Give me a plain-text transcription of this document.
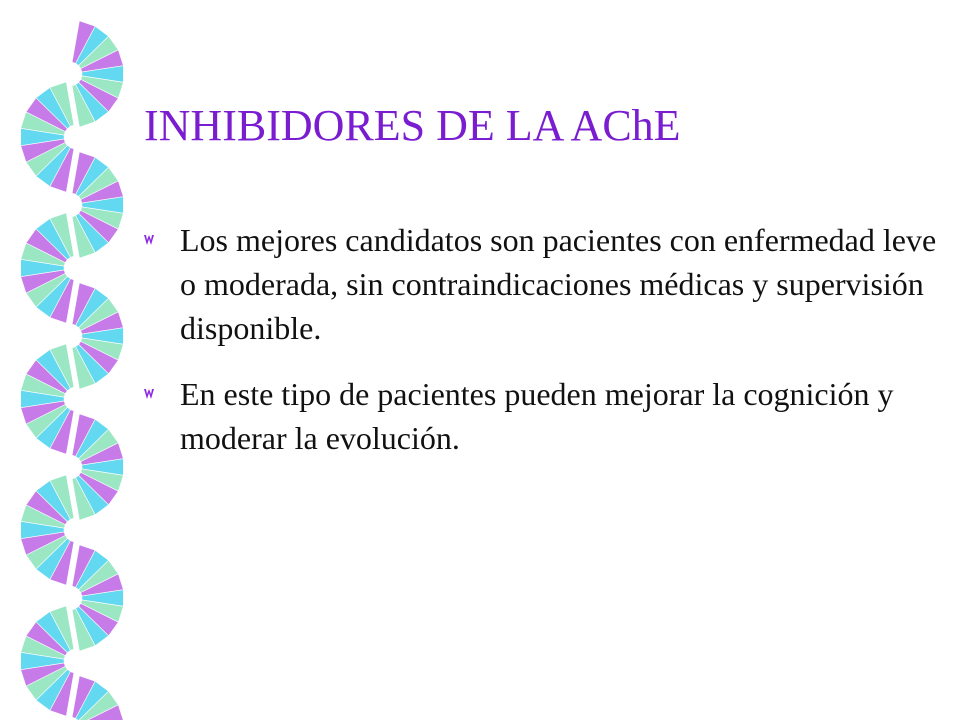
INHIBIDORES DE LA AChE
Los mejores candidatos son pacientes con enfermedad leve o moderada, sin contraindicaciones médicas y supervisión disponible.
En este tipo de pacientes pueden mejorar la cognición y moderar la evolución.
